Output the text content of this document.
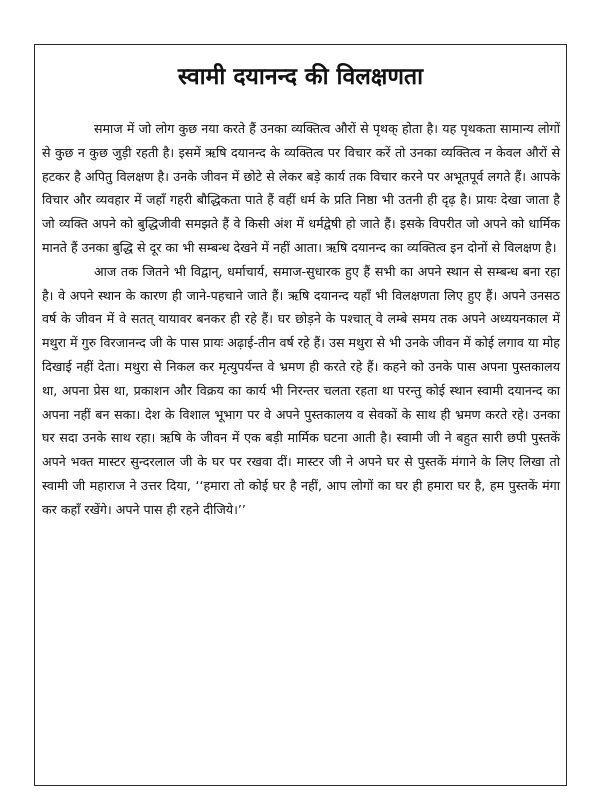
स्वामी दयानन्द की विलक्षणता

समाज में जो लोग कुछ नया करते हैं उनका व्यक्तित्व औरों से पृथक् होता है। यह पृथकता सामान्य लोगों से कुछ न कुछ जुड़ी रहती है। इसमें ऋषि दयानन्द के व्यक्तित्व पर विचार करें तो उनका व्यक्तित्व न केवल औरों से हटकर है अपितु विलक्षण है। उनके जीवन में छोटे से लेकर बड़े कार्य तक विचार करने पर अभूतपूर्व लगते हैं। आपके विचार और व्यवहार में जहाँ गहरी बौद्धिकता पाते हैं वहीं धर्म के प्रति निष्ठा भी उतनी ही दृढ़ है। प्रायः देखा जाता है जो व्यक्ति अपने को बुद्धिजीवी समझते हैं वे किसी अंश में धर्मद्वेषी हो जाते हैं। इसके विपरीत जो अपने को धार्मिक मानते हैं उनका बुद्धि से दूर का भी सम्बन्ध देखने में नहीं आता। ऋषि दयानन्द का व्यक्तित्व इन दोनों से विलक्षण है।

आज तक जितने भी विद्वान्, धर्माचार्य, समाज-सुधारक हुए हैं सभी का अपने स्थान से सम्बन्ध बना रहा है। वे अपने स्थान के कारण ही जाने-पहचाने जाते हैं। ऋषि दयानन्द यहाँ भी विलक्षणता लिए हुए हैं। अपने उनसठ वर्ष के जीवन में वे सतत् यायावर बनकर ही रहे हैं। घर छोड़ने के पश्चात् वे लम्बे समय तक अपने अध्ययनकाल में मथुरा में गुरु विरजानन्द जी के पास प्रायः अढ़ाई-तीन वर्ष रहे हैं। उस मथुरा से भी उनके जीवन में कोई लगाव या मोह दिखाई नहीं देता। मथुरा से निकल कर मृत्युपर्यन्त वे भ्रमण ही करते रहे हैं। कहने को उनके पास अपना पुस्तकालय था, अपना प्रेस था, प्रकाशन और विक्रय का कार्य भी निरन्तर चलता रहता था परन्तु कोई स्थान स्वामी दयानन्द का अपना नहीं बन सका। देश के विशाल भूभाग पर वे अपने पुस्तकालय व सेवकों के साथ ही भ्रमण करते रहे। उनका घर सदा उनके साथ रहा। ऋषि के जीवन में एक बड़ी मार्मिक घटना आती है। स्वामी जी ने बहुत सारी छपी पुस्तकें अपने भक्त मास्टर सुन्दरलाल जी के घर पर रखवा दीं। मास्टर जी ने अपने घर से पुस्तकें मंगाने के लिए लिखा तो स्वामी जी महाराज ने उत्तर दिया, ‘‘हमारा तो कोई घर है नहीं, आप लोगों का घर ही हमारा घर है, हम पुस्तकें मंगा कर कहाँ रखेंगे। अपने पास ही रहने दीजिये।’’
